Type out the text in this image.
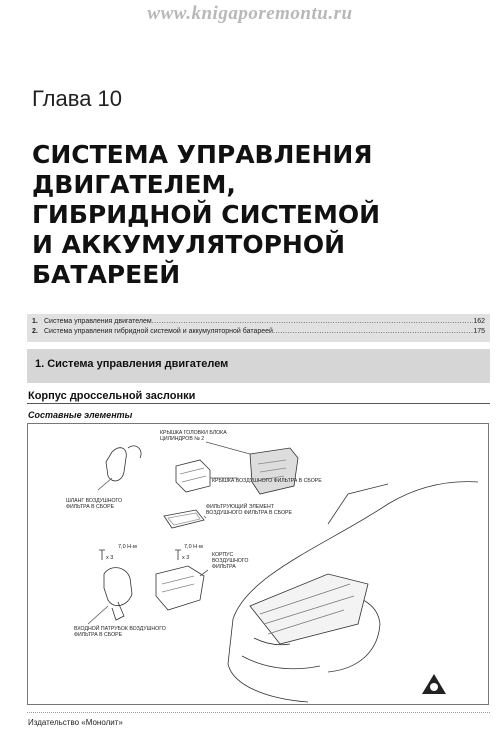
www.knigaporemontu.ru
Глава 10
СИСТЕМА УПРАВЛЕНИЯ
ДВИГАТЕЛЕМ,
ГИБРИДНОЙ СИСТЕМОЙ
И АККУМУЛЯТОРНОЙ
БАТАРЕЕЙ
1. Система управления двигателем .....	162
2. Система управления гибридной системой и аккумуляторной батареей .....	175
1. Система управления двигателем
Корпус дроссельной заслонки
Составные элементы
КРЫШКА ГОЛОВКИ БЛОКА
ЦИЛИНДРОВ № 2
КРЫШКА ВОЗДУШНОГО ФИЛЬТРА В СБОРЕ
ШЛАНГ ВОЗДУШНОГО
ФИЛЬТРА В СБОРЕ	ФИЛЬТРУЮЩИЙ ЭЛЕМЕНТ
ВОЗДУШНОГО ФИЛЬТРА В СБОРЕ
7,0 Н·м
x 3
7,0 Н·м
x 3	КОРПУС
ВОЗДУШНОГО
ФИЛЬТРА
ВХОДНОЙ ПАТРУБОК ВОЗДУШНОГО
ФИЛЬТРА В СБОРЕ
Издательство «Монолит»
